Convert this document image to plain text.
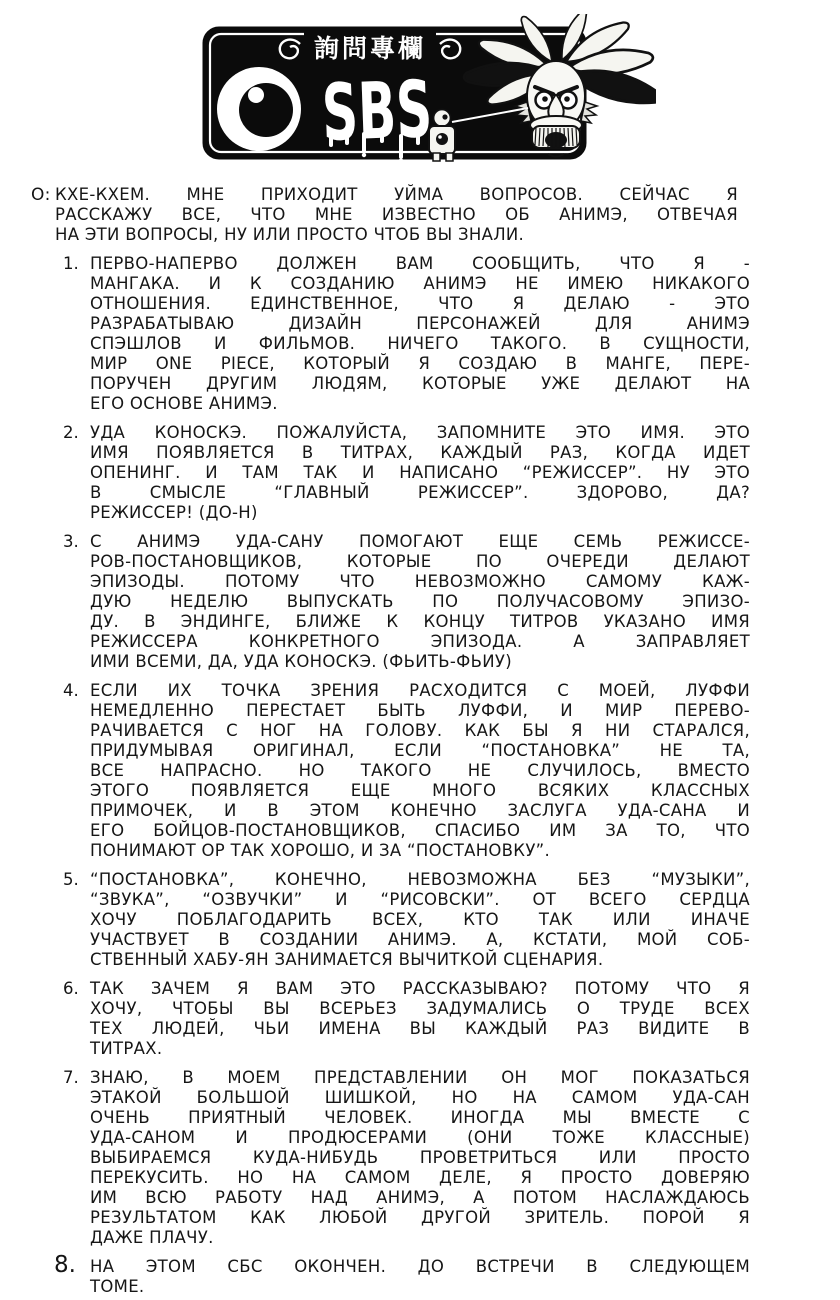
SBS
詢問專欄
О: КХЕ-КХЕМ. МНЕ ПРИХОДИТ УЙМА ВОПРОСОВ. СЕЙЧАС Я
РАССКАЖУ ВСЕ, ЧТО МНЕ ИЗВЕСТНО ОБ АНИМЭ, ОТВЕЧАЯ
НА ЭТИ ВОПРОСЫ, НУ ИЛИ ПРОСТО ЧТОБ ВЫ ЗНАЛИ.
1. ПЕРВО-НАПЕРВО ДОЛЖЕН ВАМ СООБЩИТЬ, ЧТО Я -
МАНГАКА. И К СОЗДАНИЮ АНИМЭ НЕ ИМЕЮ НИКАКОГО
ОТНОШЕНИЯ. ЕДИНСТВЕННОЕ, ЧТО Я ДЕЛАЮ - ЭТО
РАЗРАБАТЫВАЮ ДИЗАЙН ПЕРСОНАЖЕЙ ДЛЯ АНИМЭ
СПЭШЛОВ И ФИЛЬМОВ. НИЧЕГО ТАКОГО. В СУЩНОСТИ,
МИР ONE PIECE, КОТОРЫЙ Я СОЗДАЮ В МАНГЕ, ПЕРЕ-
ПОРУЧЕН ДРУГИМ ЛЮДЯМ, КОТОРЫЕ УЖЕ ДЕЛАЮТ НА
ЕГО ОСНОВЕ АНИМЭ.
2. УДА КОНОСКЭ. ПОЖАЛУЙСТА, ЗАПОМНИТЕ ЭТО ИМЯ. ЭТО
ИМЯ ПОЯВЛЯЕТСЯ В ТИТРАХ, КАЖДЫЙ РАЗ, КОГДА ИДЕТ
ОПЕНИНГ. И ТАМ ТАК И НАПИСАНО “РЕЖИССЕР”. НУ ЭТО
В СМЫСЛЕ “ГЛАВНЫЙ РЕЖИССЕР”. ЗДОРОВО, ДА?
РЕЖИССЕР! (ДО-Н)
3. С АНИМЭ УДА-САНУ ПОМОГАЮТ ЕЩЕ СЕМЬ РЕЖИССЕ-
РОВ-ПОСТАНОВЩИКОВ, КОТОРЫЕ ПО ОЧЕРЕДИ ДЕЛАЮТ
ЭПИЗОДЫ. ПОТОМУ ЧТО НЕВОЗМОЖНО САМОМУ КАЖ-
ДУЮ НЕДЕЛЮ ВЫПУСКАТЬ ПО ПОЛУЧАСОВОМУ ЭПИЗО-
ДУ. В ЭНДИНГЕ, БЛИЖЕ К КОНЦУ ТИТРОВ УКАЗАНО ИМЯ
РЕЖИССЕРА КОНКРЕТНОГО ЭПИЗОДА. А ЗАПРАВЛЯЕТ
ИМИ ВСЕМИ, ДА, УДА КОНОСКЭ. (ФЬИТЬ-ФЬИУ)
4. ЕСЛИ ИХ ТОЧКА ЗРЕНИЯ РАСХОДИТСЯ С МОЕЙ, ЛУФФИ
НЕМЕДЛЕННО ПЕРЕСТАЕТ БЫТЬ ЛУФФИ, И МИР ПЕРЕВО-
РАЧИВАЕТСЯ С НОГ НА ГОЛОВУ. КАК БЫ Я НИ СТАРАЛСЯ,
ПРИДУМЫВАЯ ОРИГИНАЛ, ЕСЛИ “ПОСТАНОВКА” НЕ ТА,
ВСЕ НАПРАСНО. НО ТАКОГО НЕ СЛУЧИЛОСЬ, ВМЕСТО
ЭТОГО ПОЯВЛЯЕТСЯ ЕЩЕ МНОГО ВСЯКИХ КЛАССНЫХ
ПРИМОЧЕК, И В ЭТОМ КОНЕЧНО ЗАСЛУГА УДА-САНА И
ЕГО БОЙЦОВ-ПОСТАНОВЩИКОВ, СПАСИБО ИМ ЗА ТО, ЧТО
ПОНИМАЮТ OP ТАК ХОРОШО, И ЗА “ПОСТАНОВКУ”.
5. “ПОСТАНОВКА”, КОНЕЧНО, НЕВОЗМОЖНА БЕЗ “МУЗЫКИ”,
“ЗВУКА”, “ОЗВУЧКИ” И “РИСОВСКИ”. ОТ ВСЕГО СЕРДЦА
ХОЧУ ПОБЛАГОДАРИТЬ ВСЕХ, КТО ТАК ИЛИ ИНАЧЕ
УЧАСТВУЕТ В СОЗДАНИИ АНИМЭ. А, КСТАТИ, МОЙ СОБ-
СТВЕННЫЙ ХАБУ-ЯН ЗАНИМАЕТСЯ ВЫЧИТКОЙ СЦЕНАРИЯ.
6. ТАК ЗАЧЕМ Я ВАМ ЭТО РАССКАЗЫВАЮ? ПОТОМУ ЧТО Я
ХОЧУ, ЧТОБЫ ВЫ ВСЕРЬЕЗ ЗАДУМАЛИСЬ О ТРУДЕ ВСЕХ
ТЕХ ЛЮДЕЙ, ЧЬИ ИМЕНА ВЫ КАЖДЫЙ РАЗ ВИДИТЕ В
ТИТРАХ.
7. ЗНАЮ, В МОЕМ ПРЕДСТАВЛЕНИИ ОН МОГ ПОКАЗАТЬСЯ
ЭТАКОЙ БОЛЬШОЙ ШИШКОЙ, НО НА САМОМ УДА-САН
ОЧЕНЬ ПРИЯТНЫЙ ЧЕЛОВЕК. ИНОГДА МЫ ВМЕСТЕ С
УДА-САНОМ И ПРОДЮСЕРАМИ (ОНИ ТОЖЕ КЛАССНЫЕ)
ВЫБИРАЕМСЯ КУДА-НИБУДЬ ПРОВЕТРИТЬСЯ ИЛИ ПРОСТО
ПЕРЕКУСИТЬ. НО НА САМОМ ДЕЛЕ, Я ПРОСТО ДОВЕРЯЮ
ИМ ВСЮ РАБОТУ НАД АНИМЭ, А ПОТОМ НАСЛАЖДАЮСЬ
РЕЗУЛЬТАТОМ КАК ЛЮБОЙ ДРУГОЙ ЗРИТЕЛЬ. ПОРОЙ Я
ДАЖЕ ПЛАЧУ.
8. НА ЭТОМ СБС ОКОНЧЕН. ДО ВСТРЕЧИ В СЛЕДУЮЩЕМ
ТОМЕ.
